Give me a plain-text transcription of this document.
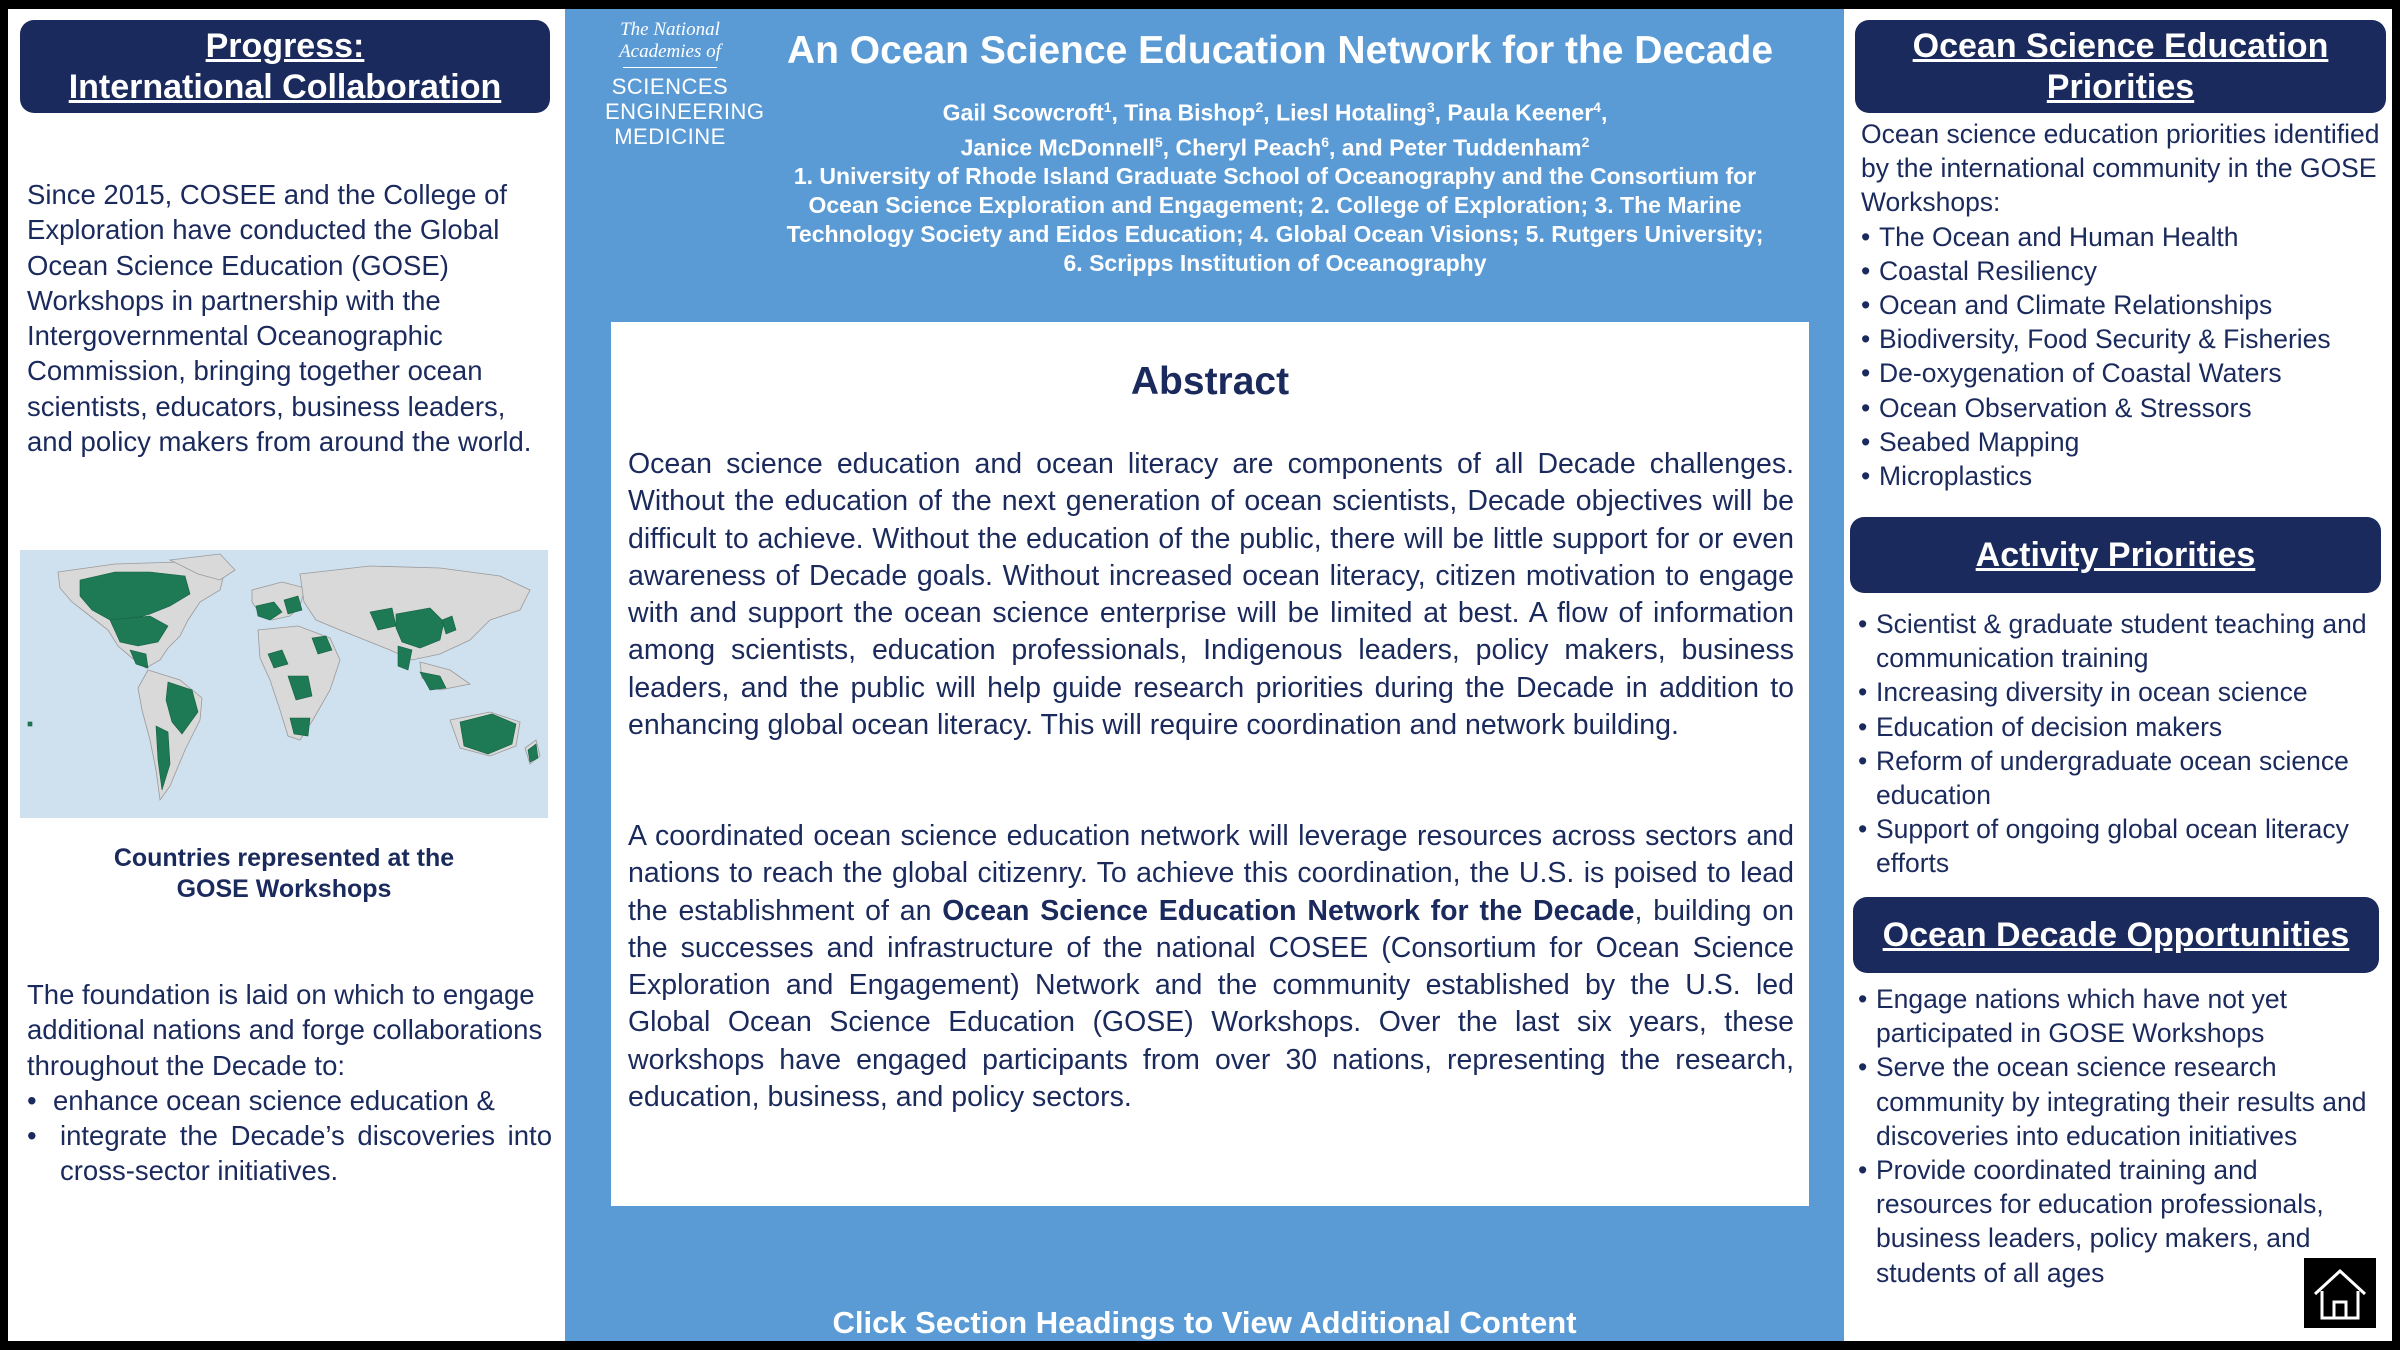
Progress:
International Collaboration

Since 2015, COSEE and the College of Exploration have conducted the Global Ocean Science Education (GOSE) Workshops in partnership with the Intergovernmental Oceanographic Commission, bringing together ocean scientists, educators, business leaders, and policy makers from around the world.

Countries represented at the
GOSE Workshops
The foundation is laid on which to engage additional nations and forge collaborations throughout the Decade to:
• enhance ocean science education &
• integrate the Decade’s discoveries into cross-sector initiatives.
The National
Academies of
SCIENCES
ENGINEERING
MEDICINE
An Ocean Science Education Network for the Decade
Gail Scowcroft$^1$, Tina Bishop$^2$, Liesl Hotaling$^3$, Paula Keener$^4$,
Janice McDonnell$^5$, Cheryl Peach$^6$, and Peter Tuddenham$^2$
1. University of Rhode Island Graduate School of Oceanography and the Consortium for
Ocean Science Exploration and Engagement; 2. College of Exploration; 3. The Marine
Technology Society and Eidos Education; 4. Global Ocean Visions; 5. Rutgers University;
6. Scripps Institution of Oceanography
Abstract

Ocean science education and ocean literacy are components of all Decade challenges. Without the education of the next generation of ocean scientists, Decade objectives will be difficult to achieve. Without the education of the public, there will be little support for or even awareness of Decade goals. Without increased ocean literacy, citizen motivation to engage with and support the ocean science enterprise will be limited at best. A flow of information among scientists, education professionals, Indigenous leaders, policy makers, business leaders, and the public will help guide research priorities during the Decade in addition to enhancing global ocean literacy. This will require coordination and network building.

A coordinated ocean science education network will leverage resources across sectors and nations to reach the global citizenry. To achieve this coordination, the U.S. is poised to lead the establishment of an Ocean Science Education Network for the Decade, building on the successes and infrastructure of the national COSEE (Consortium for Ocean Science Exploration and Engagement) Network and the community established by the U.S. led Global Ocean Science Education (GOSE) Workshops. Over the last six years, these workshops have engaged participants from over 30 nations, representing the research, education, business, and policy sectors.

Click Section Headings to View Additional Content
Ocean Science Education
Priorities
Ocean science education priorities identified by the international community in the GOSE Workshops:
• The Ocean and Human Health
• Coastal Resiliency
• Ocean and Climate Relationships
• Biodiversity, Food Security & Fisheries
• De-oxygenation of Coastal Waters
• Ocean Observation & Stressors
• Seabed Mapping
• Microplastics
Activity Priorities
• Scientist & graduate student teaching and communication training
• Increasing diversity in ocean science
• Education of decision makers
• Reform of undergraduate ocean science education
• Support of ongoing global ocean literacy efforts
Ocean Decade Opportunities
• Engage nations which have not yet participated in GOSE Workshops
• Serve the ocean science research community by integrating their results and discoveries into education initiatives
• Provide coordinated training and resources for education professionals, business leaders, policy makers, and students of all ages
